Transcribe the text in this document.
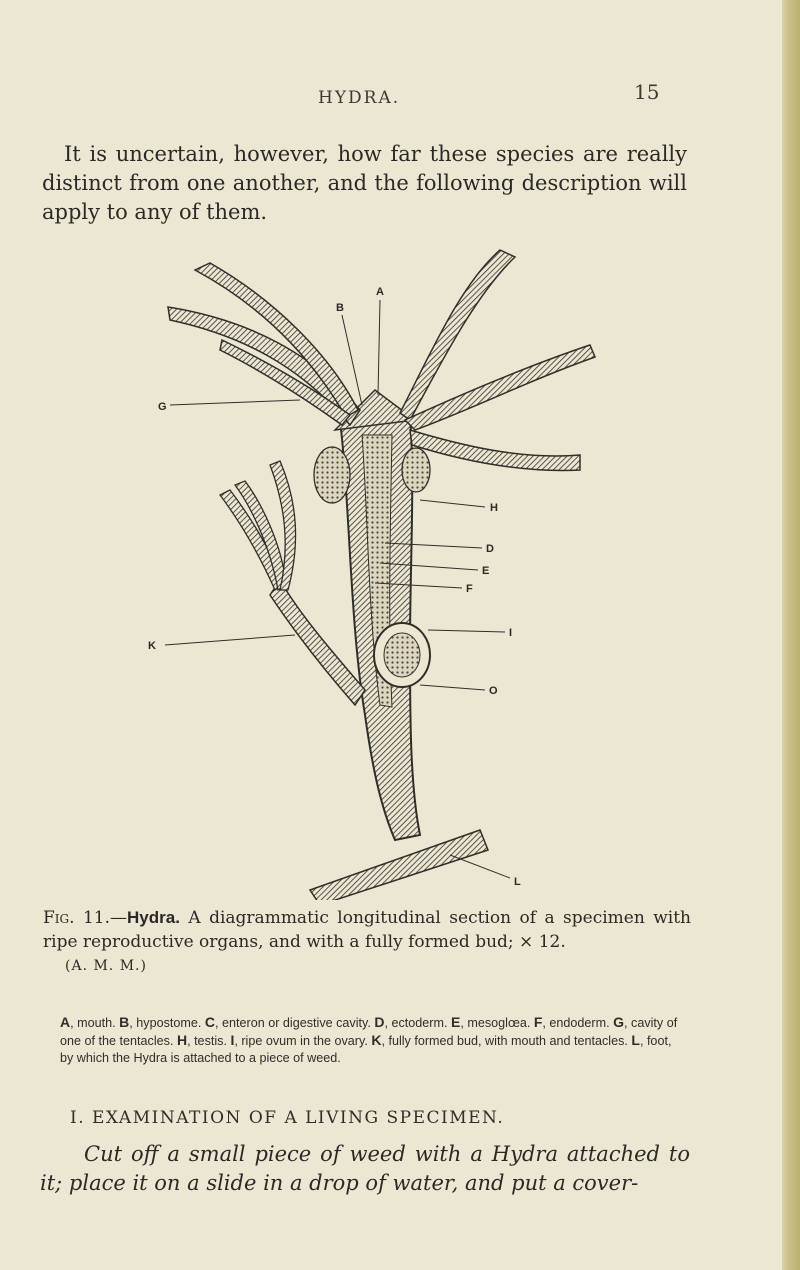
HYDRA.	15

It is uncertain, however, how far these species are really distinct from one another, and the following description will apply to any of them.

A
B
G
H
D
E
F
I
O
K
L
Fig. 11.—Hydra. A diagrammatic longitudinal section of a specimen with ripe reproductive organs, and with a fully formed bud; × 12.
(A. M. M.)
A, mouth. B, hypostome. C, enteron or digestive cavity. D, ectoderm. E, mesoglœa. F, endoderm. G, cavity of one of the tentacles. H, testis. I, ripe ovum in the ovary. K, fully formed bud, with mouth and tentacles. L, foot, by which the Hydra is attached to a piece of weed.
I. EXAMINATION OF A LIVING SPECIMEN.

Cut off a small piece of weed with a Hydra attached to it; place it on a slide in a drop of water, and put a cover-
